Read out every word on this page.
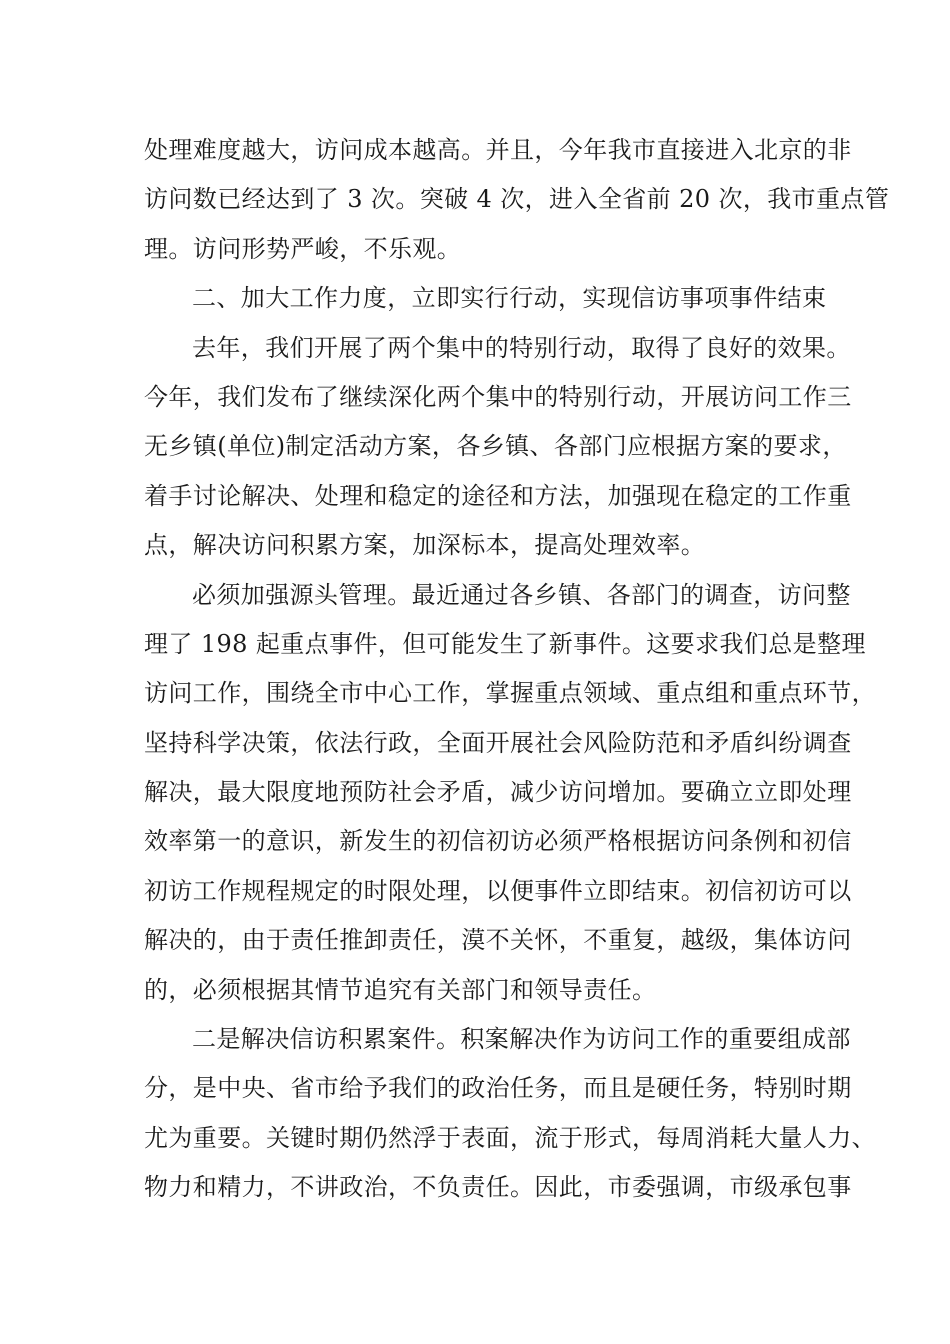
处理难度越大，访问成本越高。并且，今年我市直接进入北京的非
访问数已经达到了 3 次。突破 4 次，进入全省前 20 次，我市重点管
理。访问形势严峻，不乐观。
二、加大工作力度，立即实行行动，实现信访事项事件结束
去年，我们开展了两个集中的特别行动，取得了良好的效果。
今年，我们发布了继续深化两个集中的特别行动，开展访问工作三
无乡镇(单位)制定活动方案，各乡镇、各部门应根据方案的要求，
着手讨论解决、处理和稳定的途径和方法，加强现在稳定的工作重
点，解决访问积累方案，加深标本，提高处理效率。
必须加强源头管理。最近通过各乡镇、各部门的调查，访问整
理了 198 起重点事件，但可能发生了新事件。这要求我们总是整理
访问工作，围绕全市中心工作，掌握重点领域、重点组和重点环节，
坚持科学决策，依法行政，全面开展社会风险防范和矛盾纠纷调查
解决，最大限度地预防社会矛盾，减少访问增加。要确立立即处理
效率第一的意识，新发生的初信初访必须严格根据访问条例和初信
初访工作规程规定的时限处理，以便事件立即结束。初信初访可以
解决的，由于责任推卸责任，漠不关怀，不重复，越级，集体访问
的，必须根据其情节追究有关部门和领导责任。
二是解决信访积累案件。积案解决作为访问工作的重要组成部
分，是中央、省市给予我们的政治任务，而且是硬任务，特别时期
尤为重要。关键时期仍然浮于表面，流于形式，每周消耗大量人力、
物力和精力，不讲政治，不负责任。因此，市委强调，市级承包事
